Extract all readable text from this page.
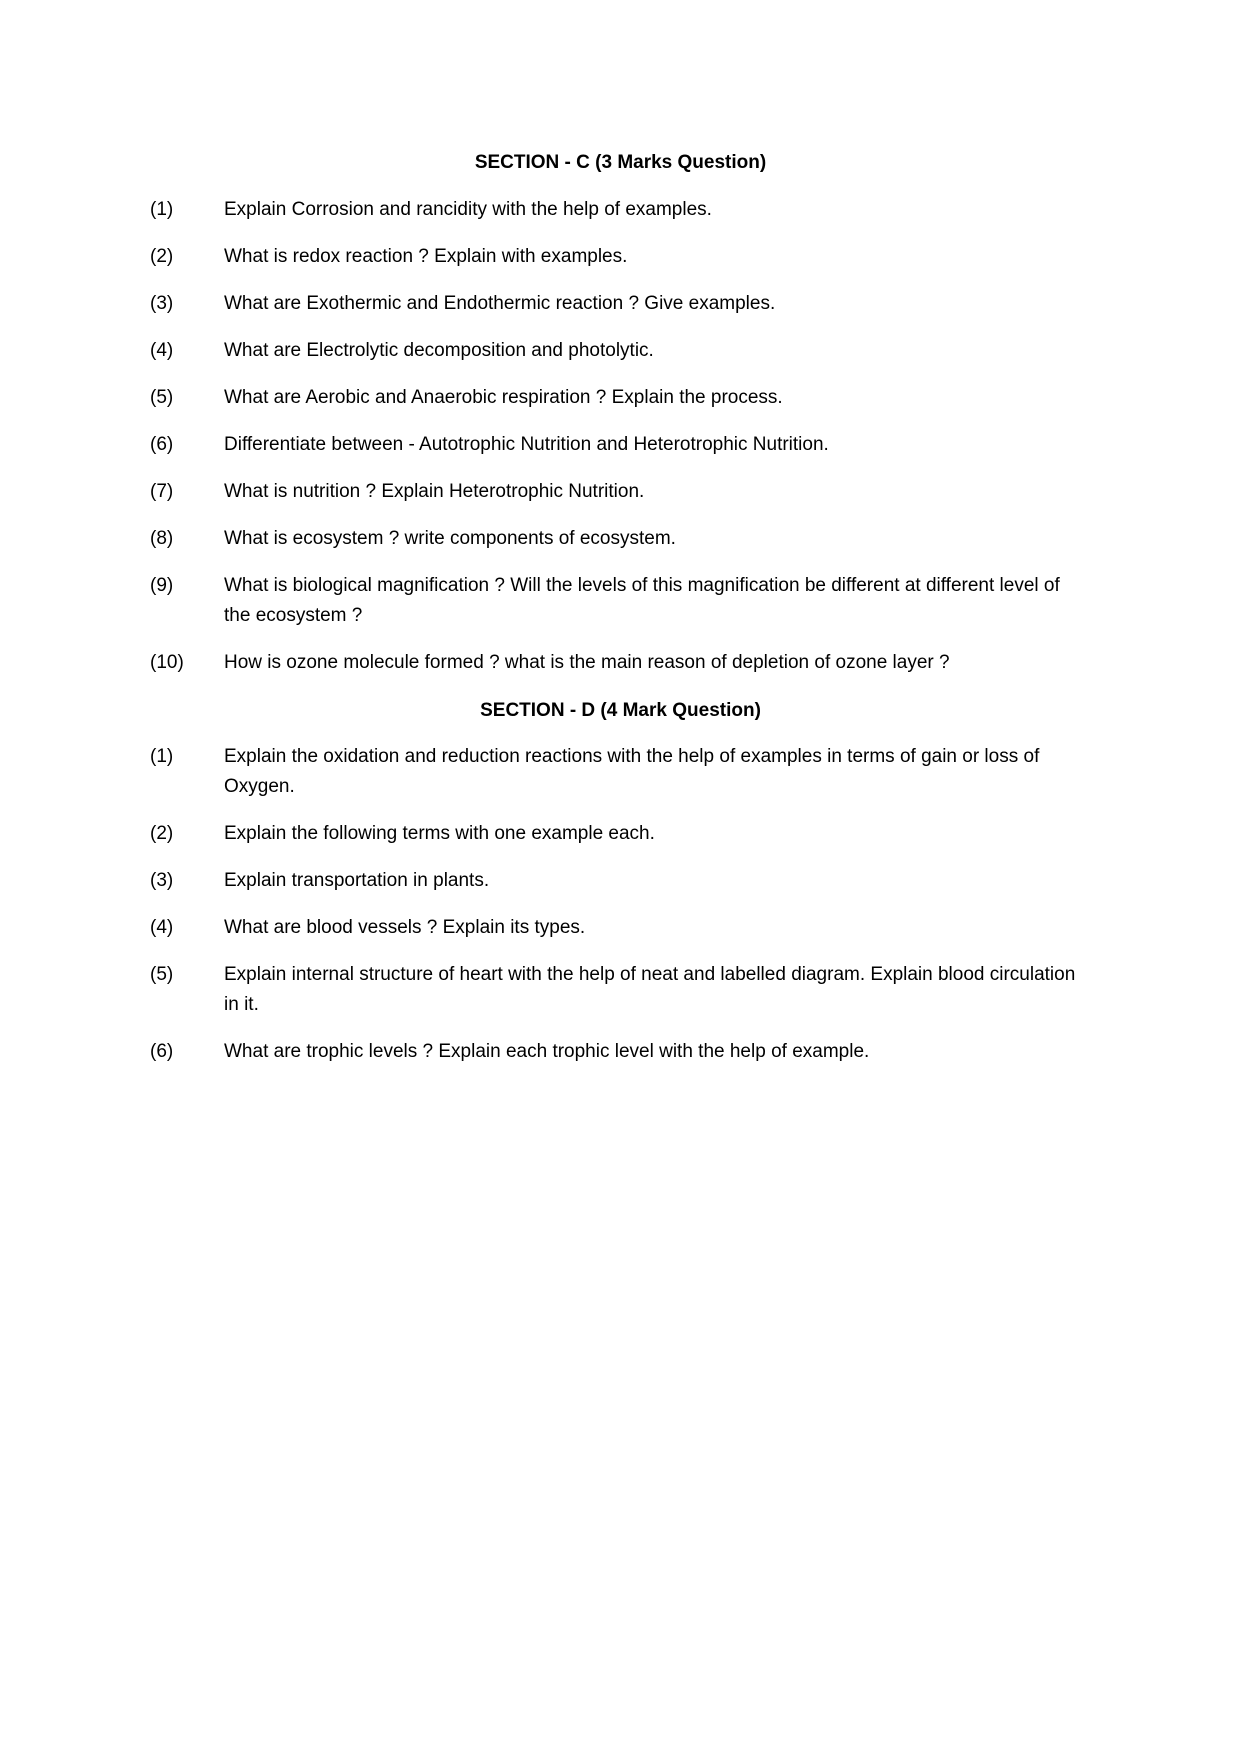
SECTION - C (3 Marks Question)
(1)	Explain Corrosion and rancidity with the help of examples.
(2)	What is redox reaction ? Explain with examples.
(3)	What are Exothermic and Endothermic reaction ? Give examples.
(4)	What are Electrolytic decomposition and photolytic.
(5)	What are Aerobic and Anaerobic respiration ? Explain the process.
(6)	Differentiate between - Autotrophic Nutrition and Heterotrophic Nutrition.
(7)	What is nutrition ? Explain Heterotrophic Nutrition.
(8)	What is ecosystem ? write components of ecosystem.
(9)	What is biological magnification ? Will the levels of this magnification be different at different level of the ecosystem ?
(10)	How is ozone molecule formed ? what is the main reason of depletion of ozone layer ?
SECTION - D (4 Mark Question)
(1)	Explain the oxidation and reduction reactions with the help of examples in terms of gain or loss of Oxygen.
(2)	Explain the following terms with one example each.
(3)	Explain transportation in plants.
(4)	What are blood vessels ? Explain its types.
(5)	Explain internal structure of heart with the help of neat and labelled diagram. Explain blood circulation in it.
(6)	What are trophic levels ? Explain each trophic level with the help of example.
